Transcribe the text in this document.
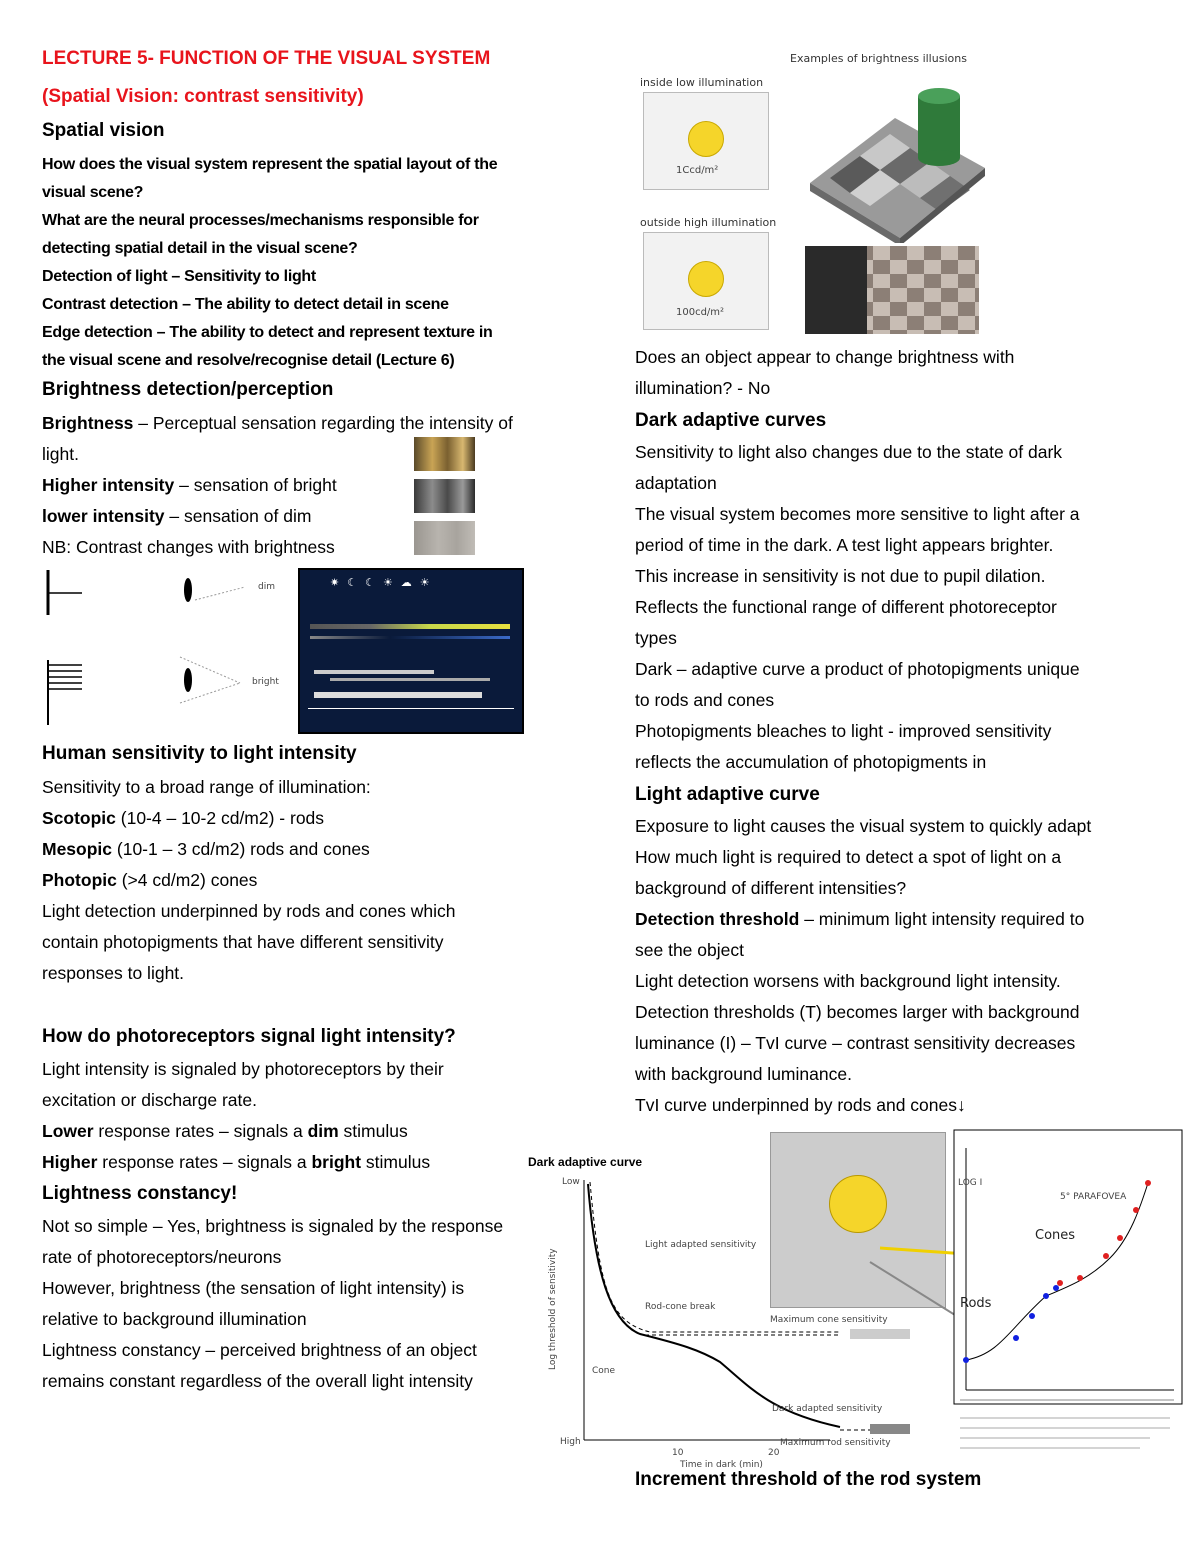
LECTURE 5- FUNCTION OF THE VISUAL SYSTEM
(Spatial Vision: contrast sensitivity)
Spatial vision
How does the visual system represent the spatial layout of the
visual scene?
What are the neural processes/mechanisms responsible for
detecting spatial detail in the visual scene?
Detection of light – Sensitivity to light
Contrast detection – The ability to detect detail in scene
Edge detection – The ability to detect and represent texture in
the visual scene and resolve/recognise detail (Lecture 6)
Brightness detection/perception
Brightness – Perceptual sensation regarding the intensity of
light.
Higher intensity – sensation of bright
lower intensity – sensation of dim
NB: Contrast changes with brightness
dim
bright
✷☾☾☀☁☀
Human sensitivity to light intensity
Sensitivity to a broad range of illumination:
Scotopic (10-4 – 10-2 cd/m2) - rods
Mesopic (10-1 – 3 cd/m2) rods and cones
Photopic (>4 cd/m2) cones
Light detection underpinned by rods and cones which
contain photopigments that have different sensitivity
responses to light.
How do photoreceptors signal light intensity?
Light intensity is signaled by photoreceptors by their
excitation or discharge rate.
Lower response rates – signals a dim stimulus
Higher response rates – signals a bright stimulus
Lightness constancy!
Not so simple – Yes, brightness is signaled by the response
rate of photoreceptors/neurons
However, brightness (the sensation of light intensity) is
relative to background illumination
Lightness constancy – perceived brightness of an object
remains constant regardless of the overall light intensity
Examples of brightness illusions
inside low illumination
1Ccd/m²
outside high illumination
100cd/m²
Does an object appear to change brightness with
illumination? - No
Dark adaptive curves
Sensitivity to light also changes due to the state of dark
adaptation
The visual system becomes more sensitive to light after a
period of time in the dark. A test light appears brighter.
This increase in sensitivity is not due to pupil dilation.
Reflects the functional range of different photoreceptor
types
Dark – adaptive curve a product of photopigments unique
to rods and cones
Photopigments bleaches to light - improved sensitivity
reflects the accumulation of photopigments in
Light adaptive curve
Exposure to light causes the visual system to quickly adapt
How much light is required to detect a spot of light on a
background of different intensities?
Detection threshold – minimum light intensity required to
see the object
Light detection worsens with background light intensity.
Detection thresholds (T) becomes larger with background
luminance (I) – TvI curve – contrast sensitivity decreases
with background luminance.
TvI curve underpinned by rods and cones↓
Dark adaptive curve
Low
High
Log threshold of sensitivity
Light adapted sensitivity
Rod-cone break
Cone
Maximum cone sensitivity
Dark adapted sensitivity
Maximum rod sensitivity
10	20
Time in dark (min)
Cones
Rods
LOG I
5° PARAFOVEA
Increment threshold of the rod system
